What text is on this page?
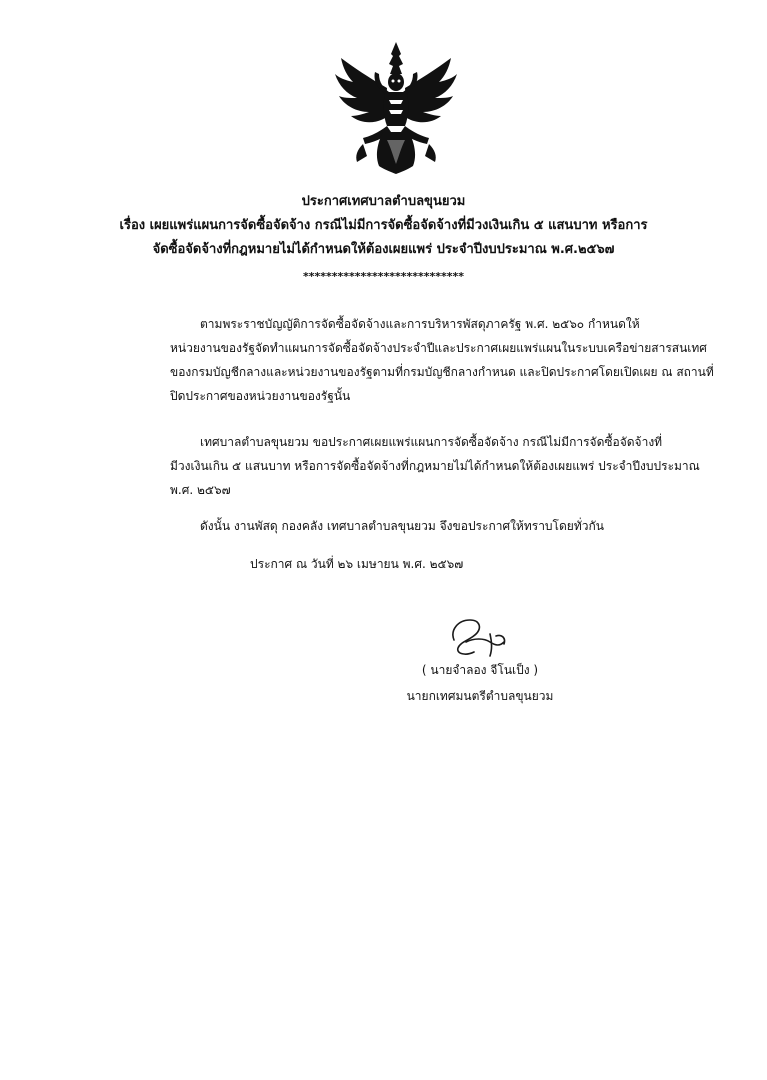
ประกาศเทศบาลตำบลขุนยวม
เรื่อง เผยแพร่แผนการจัดซื้อจัดจ้าง กรณีไม่มีการจัดซื้อจัดจ้างที่มีวงเงินเกิน ๕ แสนบาท หรือการ
จัดซื้อจัดจ้างที่กฎหมายไม่ได้กำหนดให้ต้องเผยแพร่ ประจำปีงบประมาณ พ.ศ.๒๕๖๗
****************************
ตามพระราชบัญญัติการจัดซื้อจัดจ้างและการบริหารพัสดุภาครัฐ พ.ศ. ๒๕๖๐ กำหนดให้
หน่วยงานของรัฐจัดทำแผนการจัดซื้อจัดจ้างประจำปีและประกาศเผยแพร่แผนในระบบเครือข่ายสารสนเทศ
ของกรมบัญชีกลางและหน่วยงานของรัฐตามที่กรมบัญชีกลางกำหนด และปิดประกาศโดยเปิดเผย ณ สถานที่
ปิดประกาศของหน่วยงานของรัฐนั้น
เทศบาลตำบลขุนยวม ขอประกาศเผยแพร่แผนการจัดซื้อจัดจ้าง กรณีไม่มีการจัดซื้อจัดจ้างที่
มีวงเงินเกิน ๕ แสนบาท หรือการจัดซื้อจัดจ้างที่กฎหมายไม่ได้กำหนดให้ต้องเผยแพร่ ประจำปีงบประมาณ
พ.ศ. ๒๕๖๗
ดังนั้น งานพัสดุ กองคลัง เทศบาลตำบลขุนยวม จึงขอประกาศให้ทราบโดยทั่วกัน
ประกาศ ณ วันที่ ๒๖ เมษายน พ.ศ. ๒๕๖๗
( นายจำลอง จีโนเป็ง )
นายกเทศมนตรีตำบลขุนยวม
